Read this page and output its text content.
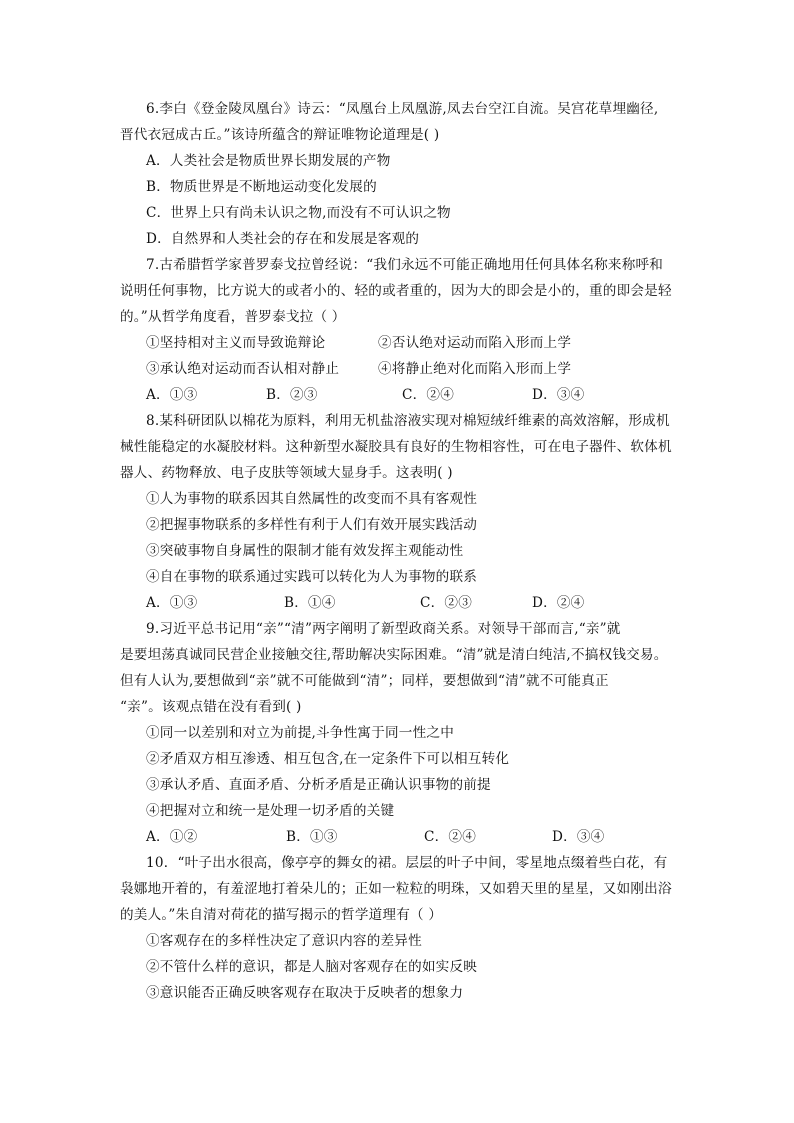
6.李白《登金陵凤凰台》诗云：“凤凰台上凤凰游,凤去台空江自流。吴宫花草埋幽径,
晋代衣冠成古丘。”该诗所蕴含的辩证唯物论道理是( )
A．人类社会是物质世界长期发展的产物
B．物质世界是不断地运动变化发展的
C．世界上只有尚未认识之物,而没有不可认识之物
D．自然界和人类社会的存在和发展是客观的
7.古希腊哲学家普罗泰戈拉曾经说：“我们永远不可能正确地用任何具体名称来称呼和
说明任何事物，比方说大的或者小的、轻的或者重的，因为大的即会是小的，重的即会是轻
的。”从哲学角度看，普罗泰戈拉（ ）
①坚持相对主义而导致诡辩论	②否认绝对运动而陷入形而上学
③承认绝对运动而否认相对静止	④将静止绝对化而陷入形而上学
A．①③	B．②③	C．②④	D．③④
8.某科研团队以棉花为原料，利用无机盐溶液实现对棉短绒纤维素的高效溶解，形成机
械性能稳定的水凝胶材料。这种新型水凝胶具有良好的生物相容性，可在电子器件、软体机
器人、药物释放、电子皮肤等领域大显身手。这表明( )
①人为事物的联系因其自然属性的改变而不具有客观性
②把握事物联系的多样性有利于人们有效开展实践活动
③突破事物自身属性的限制才能有效发挥主观能动性
④自在事物的联系通过实践可以转化为人为事物的联系
A．①③	B．①④	C．②③	D．②④
9.习近平总书记用“亲”“清”两字阐明了新型政商关系。对领导干部而言,“亲”就
是要坦荡真诚同民营企业接触交往,帮助解决实际困难。“清”就是清白纯洁,不搞权钱交易。
但有人认为,要想做到“亲”就不可能做到“清”；同样，要想做到“清”就不可能真正
“亲”。该观点错在没有看到( )
①同一以差别和对立为前提,斗争性寓于同一性之中
②矛盾双方相互渗透、相互包含,在一定条件下可以相互转化
③承认矛盾、直面矛盾、分析矛盾是正确认识事物的前提
④把握对立和统一是处理一切矛盾的关键
A．①②	B．①③	C．②④	D．③④
10．“叶子出水很高，像亭亭的舞女的裙。层层的叶子中间，零星地点缀着些白花，有
袅娜地开着的，有羞涩地打着朵儿的；正如一粒粒的明珠，又如碧天里的星星，又如刚出浴
的美人。”朱自清对荷花的描写揭示的哲学道理有（ ）
①客观存在的多样性决定了意识内容的差异性
②不管什么样的意识，都是人脑对客观存在的如实反映
③意识能否正确反映客观存在取决于反映者的想象力
